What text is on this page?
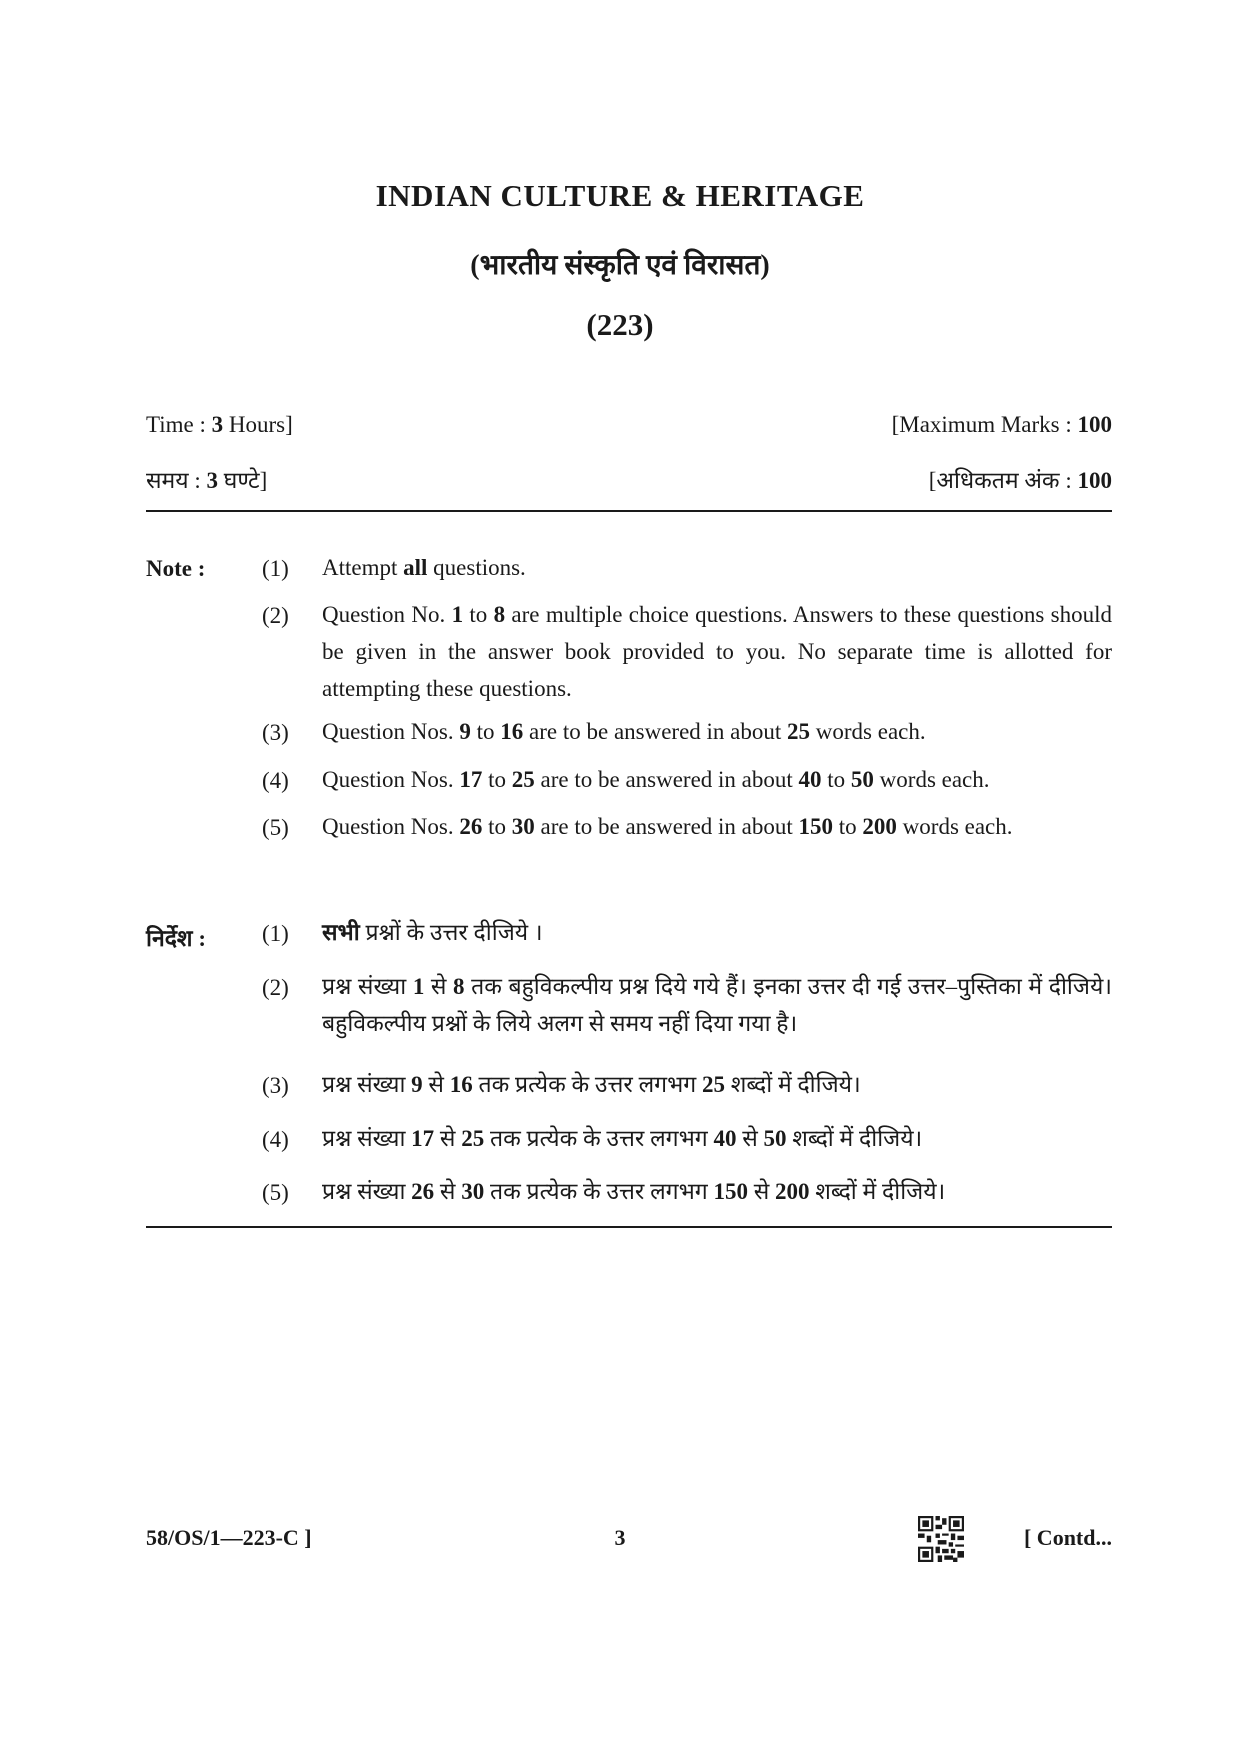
INDIAN CULTURE & HERITAGE
(भारतीय संस्कृति एवं विरासत)
(223)
Time : 3 Hours]	[Maximum Marks : 100
समय : 3 घण्टे]	[अधिकतम अंक : 100
Note : (1) Attempt all questions.
(2) Question No. 1 to 8 are multiple choice questions. Answers to these questions should be given in the answer book provided to you. No separate time is allotted for attempting these questions.
(3) Question Nos. 9 to 16 are to be answered in about 25 words each.
(4) Question Nos. 17 to 25 are to be answered in about 40 to 50 words each.
(5) Question Nos. 26 to 30 are to be answered in about 150 to 200 words each.
निर्देश : (1) सभी प्रश्नों के उत्तर दीजिये ।
(2) प्रश्न संख्या 1 से 8 तक बहुविकल्पीय प्रश्न दिये गये हैं। इनका उत्तर दी गई उत्तर–पुस्तिका में दीजिये। बहुविकल्पीय प्रश्नों के लिये अलग से समय नहीं दिया गया है।
(3) प्रश्न संख्या 9 से 16 तक प्रत्येक के उत्तर लगभग 25 शब्दों में दीजिये।
(4) प्रश्न संख्या 17 से 25 तक प्रत्येक के उत्तर लगभग 40 से 50 शब्दों में दीजिये।
(5) प्रश्न संख्या 26 से 30 तक प्रत्येक के उत्तर लगभग 150 से 200 शब्दों में दीजिये।
58/OS/1—223-C ]	3	[ Contd...
